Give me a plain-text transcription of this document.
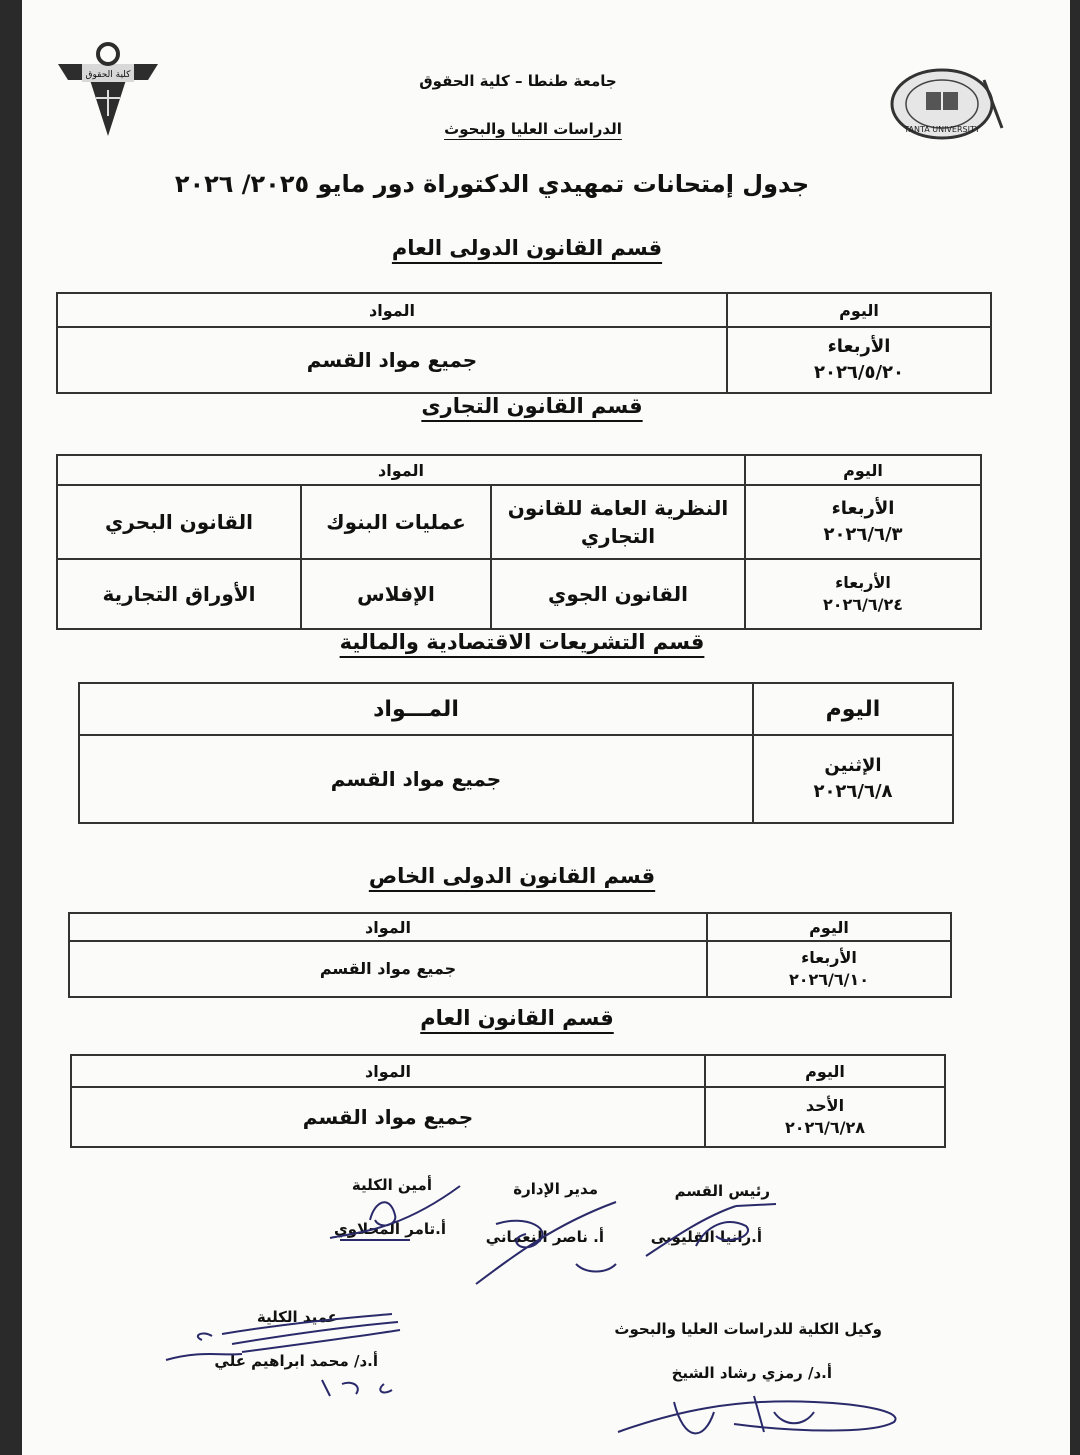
كلية الحقوق
TANTA UNIVERSITY
جامعة طنطا – كلية الحقوق
الدراسات العليا والبحوث
جدول إمتحانات تمهيدي الدكتوراة دور مايو ٢٠٢٥/ ٢٠٢٦
قسم القانون الدولى العام
اليوم	المواد

الأربعاء
٢٠٢٦/٥/٢٠	جميع مواد القسم
قسم القانون التجارى
اليوم	المواد		

الأربعاء
٢٠٢٦/٦/٣	النظرية العامة للقانون التجاري	عمليات البنوك	القانون البحري

الأربعاء
٢٠٢٦/٦/٢٤	القانون الجوي	الإفلاس	الأوراق التجارية
قسم التشريعات الاقتصادية والمالية
اليوم	المـــواد

الإثنين
٢٠٢٦/٦/٨	جميع مواد القسم
قسم القانون الدولى الخاص
اليوم	المواد

الأربعاء
٢٠٢٦/٦/١٠	جميع مواد القسم
قسم القانون العام
اليوم	المواد

الأحد
٢٠٢٦/٦/٢٨	جميع مواد القسم
رئيس القسم
أ.رانيا القليوبى
مدير الإدارة
أ. ناصر النعماني
أمين الكلية
أ.تامر المحلاوي
وكيل الكلية للدراسات العليا والبحوث
أ.د/ رمزي رشاد الشيخ
عميد الكلية
أ.د/ محمد ابراهيم علي
